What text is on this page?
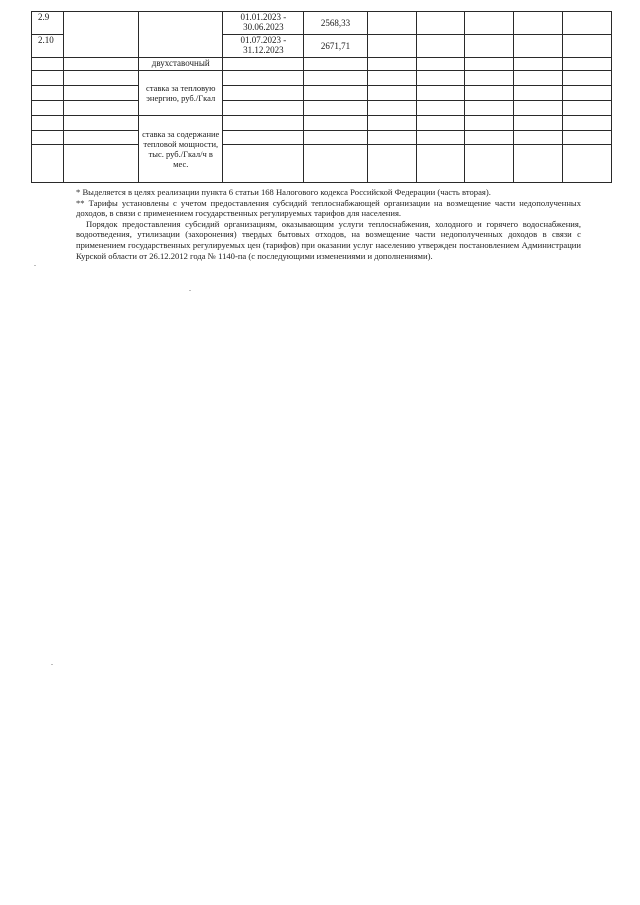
2.9			01.01.2023 -
30.06.2023	2568,33					
2.10			01.07.2023 -
31.12.2023	2671,71					
		двухставочный							
		ставка за тепловую энергию, руб./Гкал							

		ставка за содержание тепловой мощности, тыс. руб./Гкал/ч в мес.							

* Выделяется в целях реализации пункта 6 статьи 168 Налогового кодекса Российской Федерации (часть вторая).

** Тарифы установлены с учетом предоставления субсидий теплоснабжающей организации на возмещение части недополученных доходов, в связи с применением государственных регулируемых тарифов для населения.

Порядок предоставления субсидий организациям, оказывающим услуги теплоснабжения, холодного и горячего водоснабжения, водоотведения, утилизации (захоронения) твердых бытовых отходов, на возмещение части недополученных доходов в связи с применением государственных регулируемых цен (тарифов) при оказании услуг населению утвержден постановлением Администрации Курской области от 26.12.2012 года № 1140-па (с последующими изменениями и дополнениями).
